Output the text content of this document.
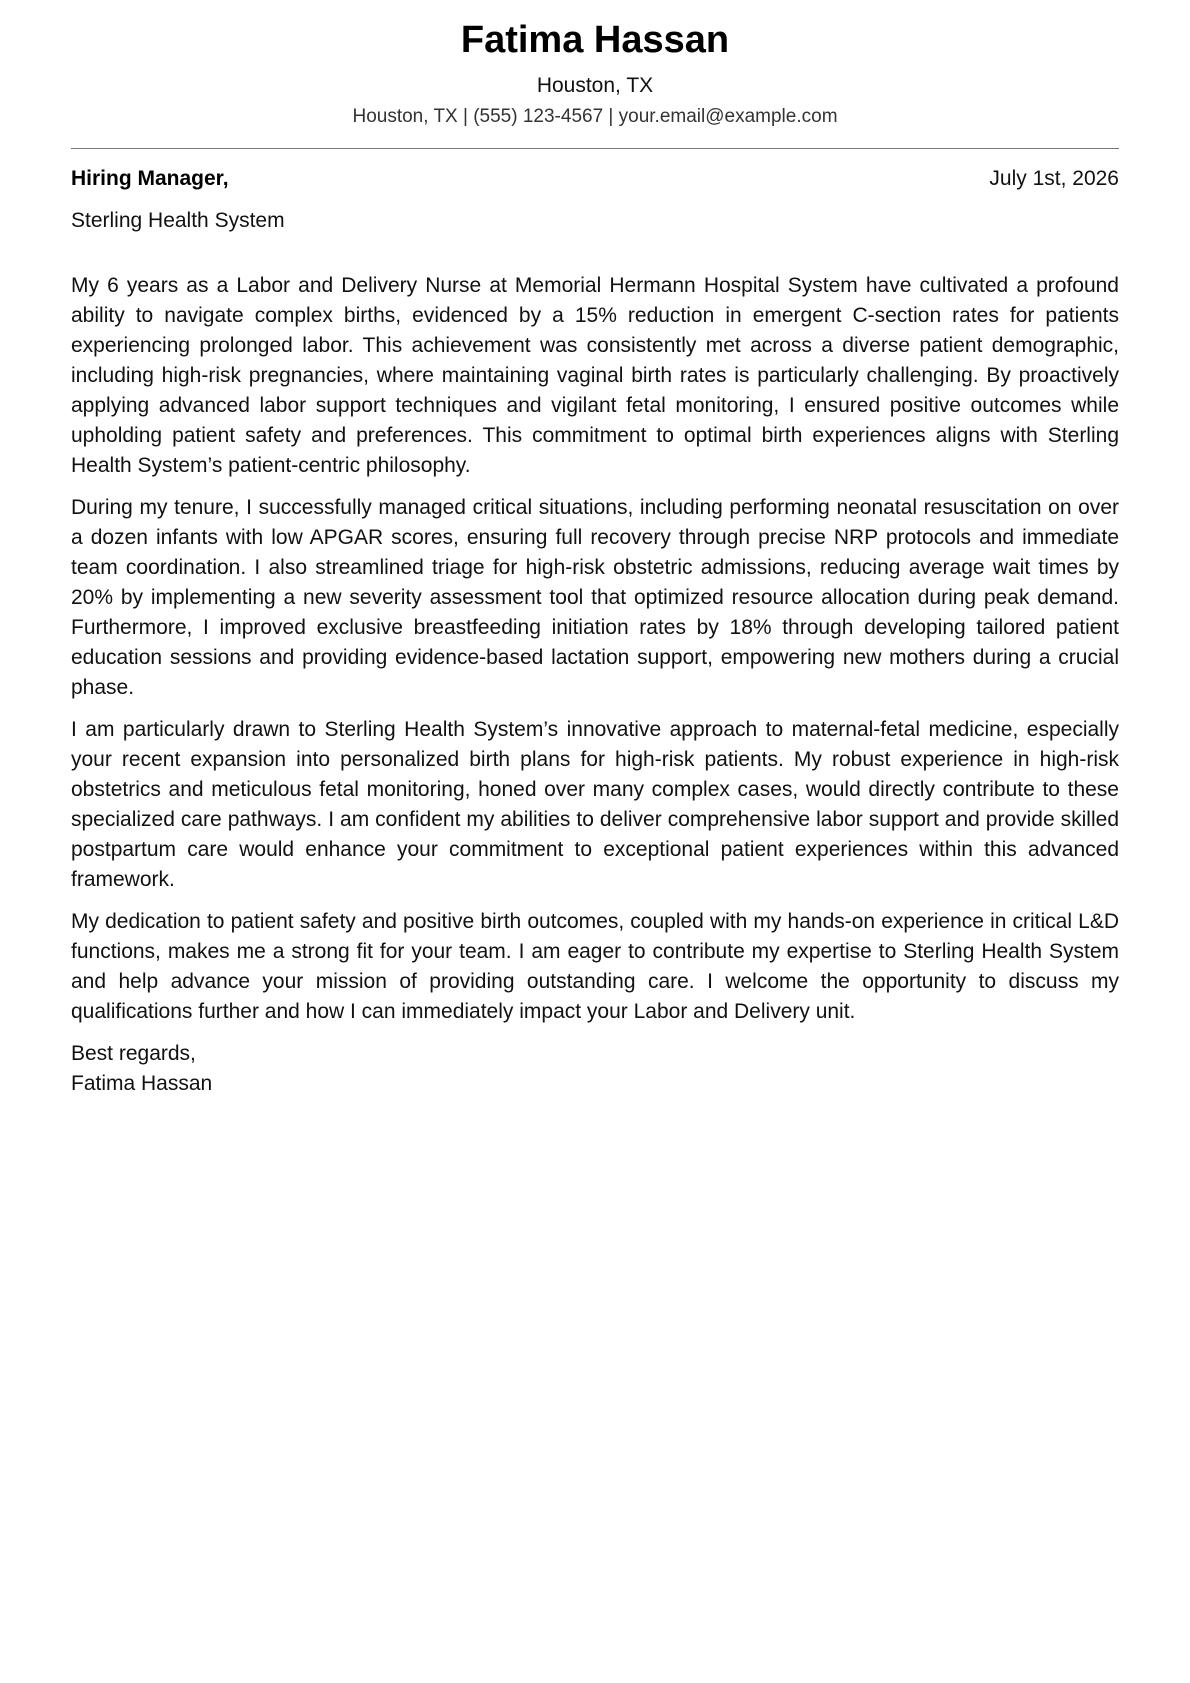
Fatima Hassan
Houston, TX
Houston, TX | (555) 123-4567 | your.email@example.com
Hiring Manager,	July 1st, 2026
Sterling Health System

My 6 years as a Labor and Delivery Nurse at Memorial Hermann Hospital System have cultivated a profound ability to navigate complex births, evidenced by a 15% reduction in emergent C-section rates for patients experiencing prolonged labor. This achievement was consistently met across a diverse patient demographic, including high-risk pregnancies, where maintaining vaginal birth rates is particularly challenging. By proactively applying advanced labor support techniques and vigilant fetal monitoring, I ensured positive outcomes while upholding patient safety and preferences. This commitment to optimal birth experiences aligns with Sterling Health System’s patient-centric philosophy.

During my tenure, I successfully managed critical situations, including performing neonatal resuscitation on over a dozen infants with low APGAR scores, ensuring full recovery through precise NRP protocols and immediate team coordination. I also streamlined triage for high-risk obstetric admissions, reducing average wait times by 20% by implementing a new severity assessment tool that optimized resource allocation during peak demand. Furthermore, I improved exclusive breastfeeding initiation rates by 18% through developing tailored patient education sessions and providing evidence-based lactation support, empowering new mothers during a crucial phase.

I am particularly drawn to Sterling Health System’s innovative approach to maternal-fetal medicine, especially your recent expansion into personalized birth plans for high-risk patients. My robust experience in high-risk obstetrics and meticulous fetal monitoring, honed over many complex cases, would directly contribute to these specialized care pathways. I am confident my abilities to deliver comprehensive labor support and provide skilled postpartum care would enhance your commitment to exceptional patient experiences within this advanced framework.

My dedication to patient safety and positive birth outcomes, coupled with my hands-on experience in critical L&D functions, makes me a strong fit for your team. I am eager to contribute my expertise to Sterling Health System and help advance your mission of providing outstanding care. I welcome the opportunity to discuss my qualifications further and how I can immediately impact your Labor and Delivery unit.

Best regards,
Fatima Hassan
